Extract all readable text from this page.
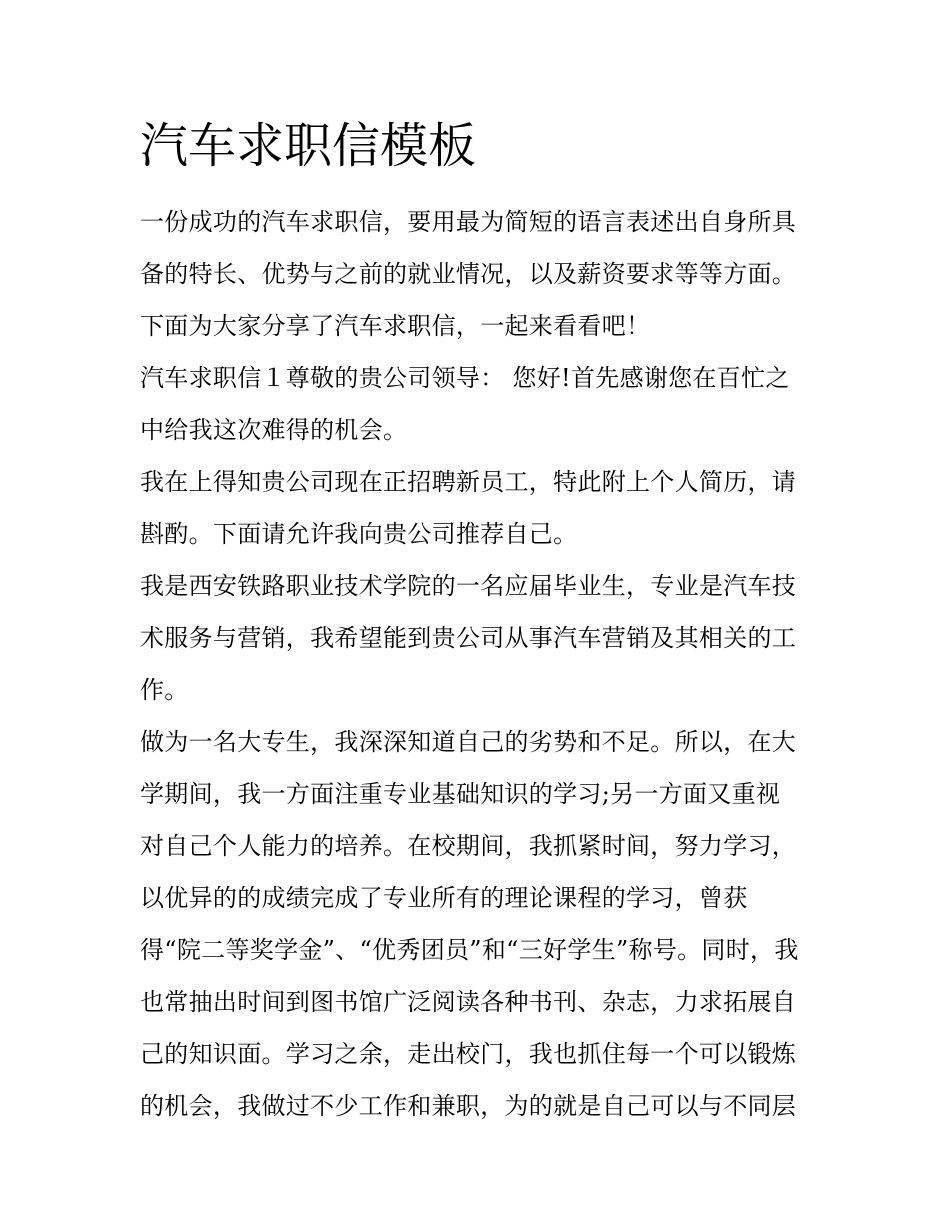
汽车求职信模板

一份成功的汽车求职信，要用最为简短的语言表述出自身所具

备的特长、优势与之前的就业情况，以及薪资要求等等方面。

下面为大家分享了汽车求职信，一起来看看吧！

汽车求职信１尊敬的贵公司领导： 您好!首先感谢您在百忙之

中给我这次难得的机会。

我在上得知贵公司现在正招聘新员工，特此附上个人简历，请

斟酌。下面请允许我向贵公司推荐自己。

我是西安铁路职业技术学院的一名应届毕业生，专业是汽车技

术服务与营销，我希望能到贵公司从事汽车营销及其相关的工

作。

做为一名大专生，我深深知道自己的劣势和不足。所以，在大

学期间，我一方面注重专业基础知识的学习;另一方面又重视

对自己个人能力的培养。在校期间，我抓紧时间，努力学习，

以优异的的成绩完成了专业所有的理论课程的学习，曾获

得“院二等奖学金”、“优秀团员”和“三好学生”称号。同时，我

也常抽出时间到图书馆广泛阅读各种书刊、杂志，力求拓展自

己的知识面。学习之余，走出校门，我也抓住每一个可以锻炼

的机会，我做过不少工作和兼职，为的就是自己可以与不同层
